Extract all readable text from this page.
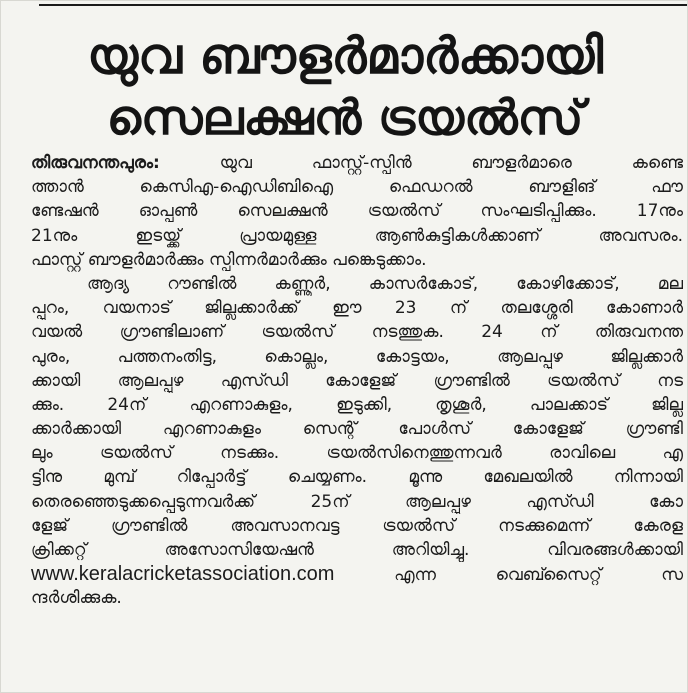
യുവ ബൗളർമാർക്കായി
സെലക്ഷൻ ട്രയൽസ്
തിരുവനന്തപുരം:	യുവ ഫാസ്റ്റ്-സ്പിൻ ബൗളർമാരെ കണ്ടെ
ത്താൻ കെസിഎ-ഐഡിബിഐ ഫെഡറൽ ബൗളിങ് ഫൗ
ണ്ടേഷൻ ഓപ്പൺ സെലക്ഷൻ ട്രയൽസ് സംഘടിപ്പിക്കും. 17നും
21നും ഇടയ്ക്ക് പ്രായമുള്ള ആൺകുട്ടികൾക്കാണ് അവസരം.
ഫാസ്റ്റ് ബൗളർമാർക്കും സ്പിന്നർമാർക്കും പങ്കെടുക്കാം.
ആദ്യ റൗണ്ടിൽ കണ്ണൂർ, കാസർകോട്, കോഴിക്കോട്, മല
പ്പുറം, വയനാട് ജില്ലക്കാർക്ക് ഈ 23 ന് തലശ്ശേരി കോണാർ
വയൽ ഗ്രൗണ്ടിലാണ് ട്രയൽസ് നടത്തുക. 24 ന് തിരുവനന്ത
പുരം, പത്തനംതിട്ട, കൊല്ലം, കോട്ടയം, ആലപ്പുഴ ജില്ലക്കാർ
ക്കായി ആലപ്പുഴ എസ്ഡി കോളേജ് ഗ്രൗണ്ടിൽ ട്രയൽസ് നട
ക്കും. 24ന് എറണാകുളം, ഇടുക്കി, തൃശൂർ, പാലക്കാട് ജില്ല
ക്കാർക്കായി എറണാകുളം സെന്റ് പോൾസ് കോളേജ് ഗ്രൗണ്ടി
ലും ട്രയൽസ് നടക്കും. ട്രയൽസിനെത്തുന്നവർ രാവിലെ എ
ട്ടിനു മുമ്പ് റിപ്പോർട്ട് ചെയ്യണം. മൂന്നു മേഖലയിൽ നിന്നായി
തെരഞ്ഞെടുക്കപ്പെടുന്നവർക്ക് 25ന് ആലപ്പുഴ എസ്ഡി കോ
ളേജ് ഗ്രൗണ്ടിൽ അവസാനവട്ട ട്രയൽസ് നടക്കുമെന്ന് കേരള
ക്രിക്കറ്റ് അസോസിയേഷൻ അറിയിച്ചു. വിവരങ്ങൾക്കായി
www.keralacricketassociation.com	എന്ന വെബ്സൈറ്റ് സ
ന്ദർശിക്കുക.
